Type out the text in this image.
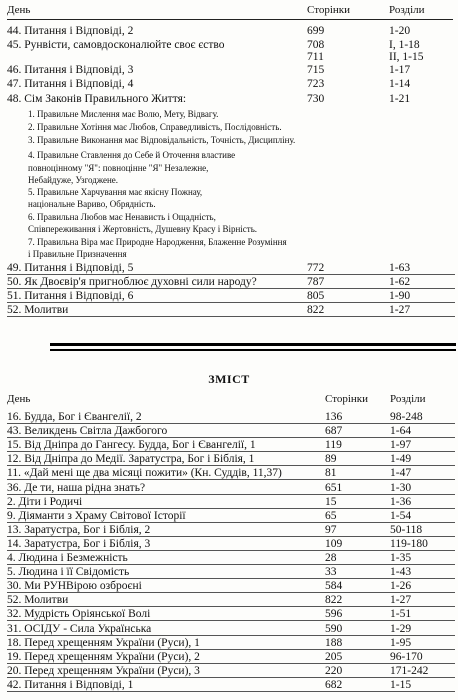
День	Сторінки	Розділи
44. Питання і Відповіді, 2	699	1-20
45. Рунвісти, самовдосконалюйте своє єство	708	I, 1-18
711	II, 1-15
46. Питання і Відповіді, 3	715	1-17
47. Питання і Відповіді, 4	723	1-14
48. Сім Законів Правильного Життя:	730	1-21
1. Правильне Мислення має Волю, Мету, Відвагу.
2. Правильне Хотіння має Любов, Справедливість, Послідовність.
3. Правильне Виконання має Відповідальність, Точність, Дисципліну.
4. Правильне Ставлення до Себе й Оточення властиве
повноцінному "Я": повноцінне "Я" Незалежне,
Небайдуже, Узгоджене.
5. Правильне Харчування має якісну Пожнау,
національне Варивo, Обрядність.
6. Правильна Любов має Ненависть і Ощадність,
Співпереживання і Жертовність, Душевну Красу і Вірність.
7. Правильна Віра має Природне Народження, Блаженне Розуміння
і Правильне Призначення
49. Питання і Відповіді, 5	772	1-63
50. Як Двоєвір'я пригноблює духовні сили народу?	787	1-62
51. Питання і Відповіді, 6	805	1-90
52. Молитви	822	1-27
ЗМІСТ
День	Сторінки Розділи
16. Будда, Бог і Євангелії, 2	136	98-248
43. Великдень Світла Дажбогого	687	1-64
15. Від Дніпра до Гангесу. Будда, Бог і Євангелії, 1	119	1-97
12. Від Дніпра до Медії. Заратустра, Бог і Біблія, 1	89	1-49
11. «Дай мені ще два місяці пожити» (Кн. Суддів, 11,37)	81	1-47
36. Де ти, наша рідна знать?	651	1-30
2. Діти і Родичі	15	1-36
9. Діяманти з Храму Світової Історії	65	1-54
13. Заратустра, Бог і Біблія, 2	97	50-118
14. Заратустра, Бог і Біблія, 3	109	119-180
4. Людина і Безмежність	28	1-35
5. Людина і її Свідомість	33	1-43
30. Ми РУНВірою озброєні	584	1-26
52. Молитви	822	1-27
32. Мудрість Оріянської Волі	596	1-51
31. ОСІДУ - Сила Українська	590	1-29
18. Перед хрещенням України (Руси), 1	188	1-95
19. Перед хрещенням України (Руси), 2	205	96-170
20. Перед хрещенням України (Руси), 3	220	171-242
42. Питання і Відповіді, 1	682	1-15
